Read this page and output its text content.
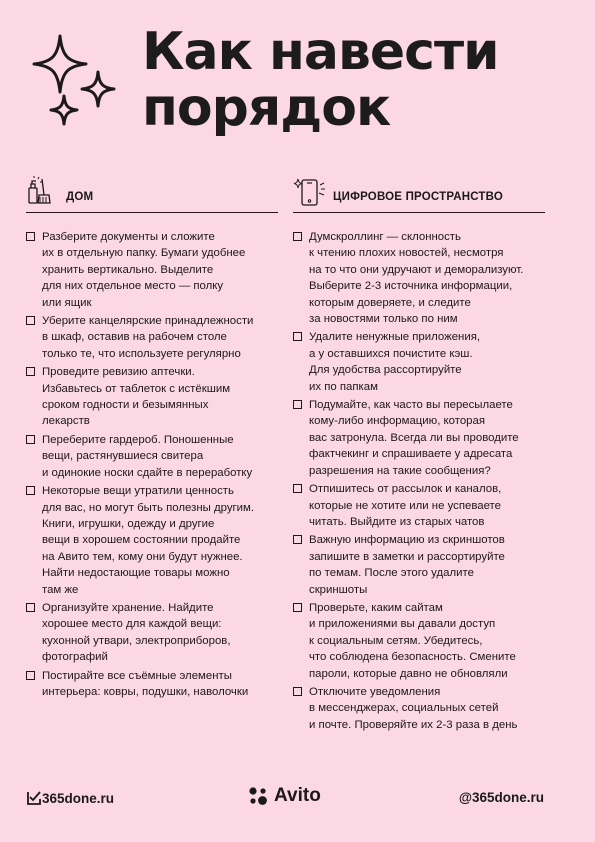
Как навести
порядок
ДОМ
Разберите документы и сложите
их в отдельную папку. Бумаги удобнее
хранить вертикально. Выделите
для них отдельное место — полку
или ящик
Уберите канцелярские принадлежности
в шкаф, оставив на рабочем столе
только те, что используете регулярно
Проведите ревизию аптечки.
Избавьтесь от таблеток с истёкшим
сроком годности и безымянных
лекарств
Переберите гардероб. Поношенные
вещи, растянувшиеся свитера
и одинокие носки сдайте в переработку
Некоторые вещи утратили ценность
для вас, но могут быть полезны другим.
Книги, игрушки, одежду и другие
вещи в хорошем состоянии продайте
на Авито тем, кому они будут нужнее.
Найти недостающие товары можно
там же
Организуйте хранение. Найдите
хорошее место для каждой вещи:
кухонной утвари, электроприборов,
фотографий
Постирайте все съёмные элементы
интерьера: ковры, подушки, наволочки
ЦИФРОВОЕ ПРОСТРАНСТВО
Думскроллинг — склонность
к чтению плохих новостей, несмотря
на то что они удручают и деморализуют.
Выберите 2-3 источника информации,
которым доверяете, и следите
за новостями только по ним
Удалите ненужные приложения,
а у оставшихся почистите кэш.
Для удобства рассортируйте
их по папкам
Подумайте, как часто вы пересылаете
кому-либо информацию, которая
вас затронула. Всегда ли вы проводите
фактчекинг и спрашиваете у адресата
разрешения на такие сообщения?
Отпишитесь от рассылок и каналов,
которые не хотите или не успеваете
читать. Выйдите из старых чатов
Важную информацию из скриншотов
запишите в заметки и рассортируйте
по темам. После этого удалите
скриншоты
Проверьте, каким сайтам
и приложениями вы давали доступ
к социальным сетям. Убедитесь,
что соблюдена безопасность. Смените
пароли, которые давно не обновляли
Отключите уведомления
в мессенджерах, социальных сетей
и почте. Проверяйте их 2-3 раза в день
365done.ru	Avito	@365done.ru
